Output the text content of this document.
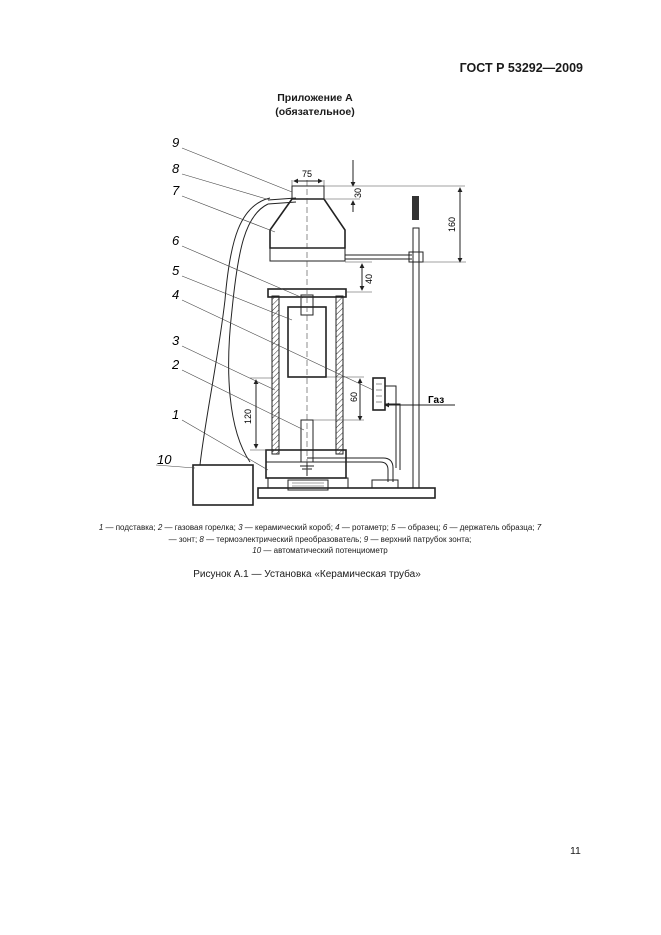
ГОСТ Р 53292—2009
Приложение А
(обязательное)
9
8
7
6
5
4
3
2
1
10
75
30
160
40
60
120
Газ
1 — подставка; 2 — газовая горелка; 3 — керамический короб; 4 — ротаметр; 5 — образец; 6 — держатель образца; 7 — зонт; 8 — термоэлектрический преобразователь; 9 — верхний патрубок зонта;
10 — автоматический потенциометр
Рисунок А.1 — Установка «Керамическая труба»
11
